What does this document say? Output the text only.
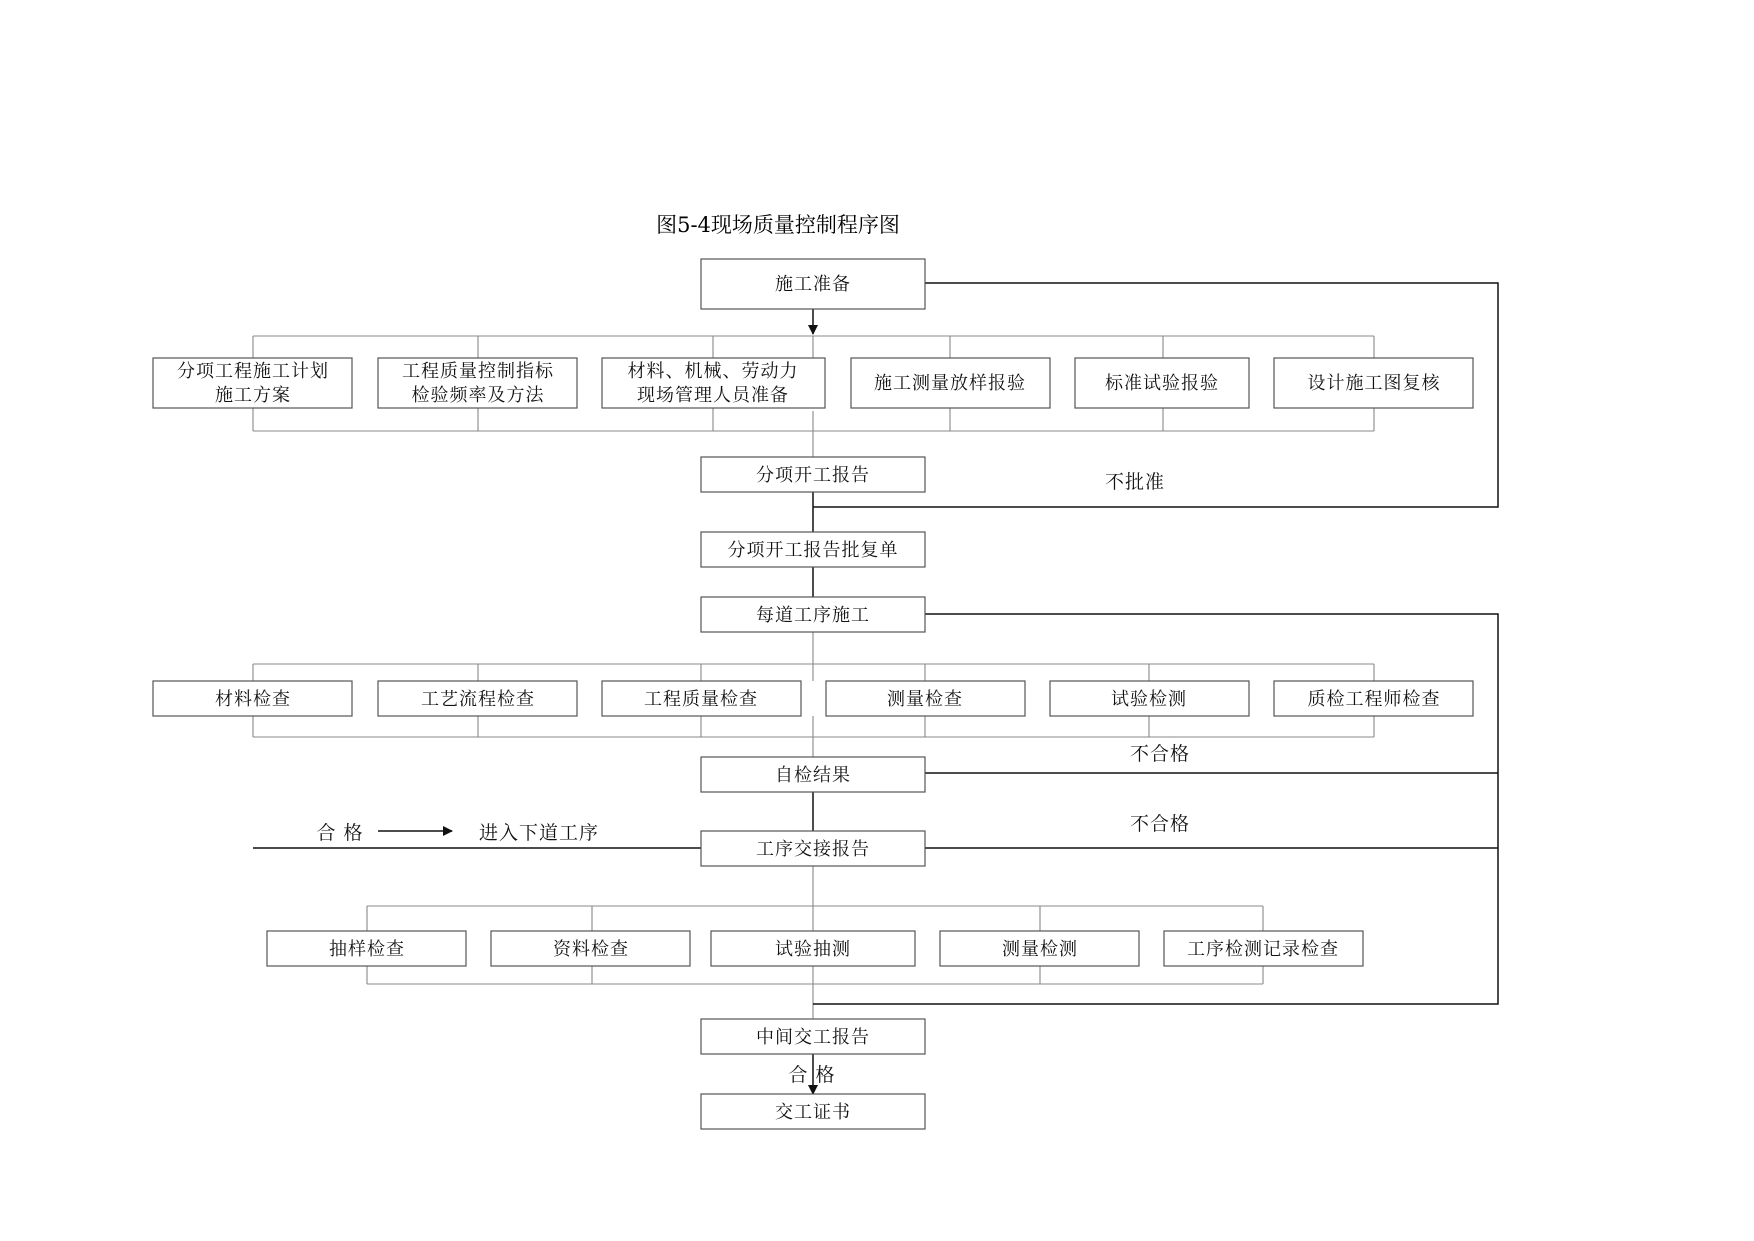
图5-4现场质量控制程序图
施工准备
分项工程施工计划
施工方案
工程质量控制指标
检验频率及方法
材料、机械、劳动力
现场管理人员准备
施工测量放样报验	标准试验报验	设计施工图复核
分项开工报告	不批准
分项开工报告批复单
每道工序施工
材料检查	工艺流程检查	工程质量检查	测量检查	试验检测	质检工程师检查
自检结果
不合格
合 格	进入下道工序
工序交接报告
不合格
抽样检查	资料检查	试验抽测	测量检测	工序检测记录检查
中间交工报告
合 格
交工证书
